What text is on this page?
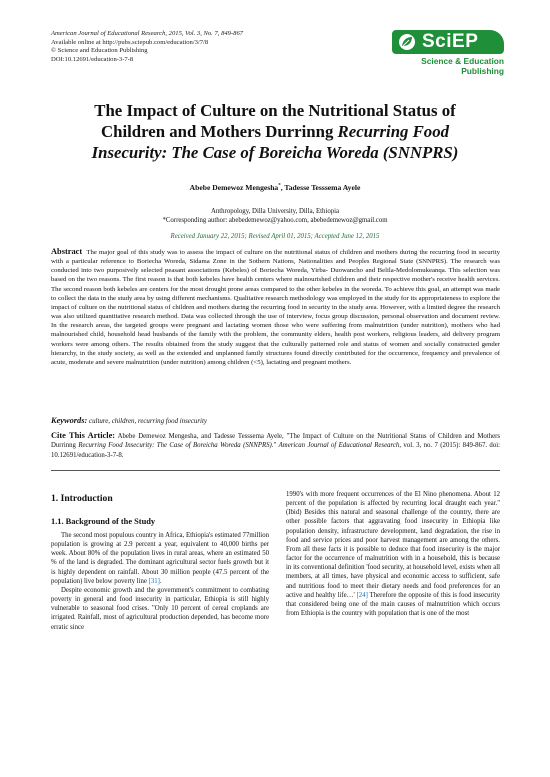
American Journal of Educational Research, 2015, Vol. 3, No. 7, 849-867
Available online at http://pubs.sciepub.com/education/3/7/8
© Science and Education Publishing
DOI:10.12691/education-3-7-8
SciEP
Science & Education
Publishing
The Impact of Culture on the Nutritional Status of
Children and Mothers Durrinng Recurring Food
Insecurity: The Case of Boreicha Woreda (SNNPRS)
Abebe Demewoz Mengesha*, Tadesse Tesssema Ayele
Anthropology, Dilla University, Dilla, Ethiopia
*Corresponding author: abebedemewoz@yahoo.com, abebedemewoz@gmail.com
Received January 22, 2015; Revised April 01, 2015; Accepted June 12, 2015
Abstract The major goal of this study was to assess the impact of culture on the nutritional status of children and mothers during the recurring food in security with a particular reference to Boriecha Woreda, Sidama Zone in the Sothern Nations, Nationalities and Peoples Regional State (SNNPRS). The research was conducted into two purposively selected peasant associations (Kebeles) of Boriecha Woreda, Yirba- Duowancho and Belila-Medolomukeanqa. This selection was based on the two reasons. The first reason is that both kebeles have health centers where malnourished children and their respective mother's receive health services. The second reason both kebeles are centers for the most drought prone areas compared to the other kebeles in the woreda. To achieve this goal, an attempt was made to collect the data in the study area by using different mechanisms. Qualitative research methodology was employed in the study for its appropriateness to explore the impact of culture on the nutritional status of children and mothers during the recurring food in security in the study area. However, with a limited degree the research was also utilized quantitative research method. Data was collected through the use of interview, focus group discussion, personal observation and document review. In the research areas, the targeted groups were pregnant and lactating women those who were suffering from malnutrition (under nutrition), mothers who had malnourished child, household head husbands of the family with the problem, the community elders, health post workers, religious leaders, aid delivery program workers were among others. The results obtained from the study suggest that the culturally patterned role and status of women and socially constructed gender hierarchy, in the study society, as well as the extended and unplanned family structures found directly contributed for the occurrence, frequency and prevalence of acute, moderate and severe malnutrition (under nutrition) among children (<5), lactating and pregnant mothers.
Keywords: culture, children, recurring food insecurity
Cite This Article: Abebe Demewoz Mengesha, and Tadesse Tesssema Ayele, "The Impact of Culture on the Nutritional Status of Children and Mothers Durrinng Recurring Food Insecurity: The Case of Boreicha Woreda (SNNPRS)." American Journal of Educational Research, vol. 3, no. 7 (2015): 849-867. doi: 10.12691/education-3-7-8.
1. Introduction
1.1. Background of the Study

The second most populous country in Africa, Ethiopia's estimated 77million population is growing at 2.9 percent a year, equivalent to 40,000 births per week. About 80% of the population lives in rural areas, where an estimated 50 % of the land is degraded. The dominant agricultural sector fuels growth but it is highly dependent on rainfall. About 30 million people (47.5 percent of the population) live below poverty line [31].

Despite economic growth and the government's commitment to combating poverty in general and food insecurity in particular, Ethiopia is still highly vulnerable to seasonal food crises. "Only 10 percent of cereal croplands are irrigated. Rainfall, most of agricultural production depended, has become more erratic since

1990's with more frequent occurrences of the El Nino phenomena. About 12 percent of the population is affected by recurring local draught each year."(Ibid) Besides this natural and seasonal challenge of the country, there are other possible factors that aggravating food insecurity in Ethiopia like population density, infrastructure development, land degradation, the rise in food and service prices and poor harvest management are among the others. From all these facts it is possible to deduce that food insecurity is the major factor for the occurrence of malnutrition with in a household, this is because in its conventional definition 'food security, at household level, exists when all members, at all times, have physical and economic access to sufficient, safe and nutritious food to meet their dietary needs and food preferences for an active and healthy life…' [24] Therefore the opposite of this is food insecurity that considered being one of the main causes of malnutrition which occurs from Ethiopia is the country with population that is one of the most
